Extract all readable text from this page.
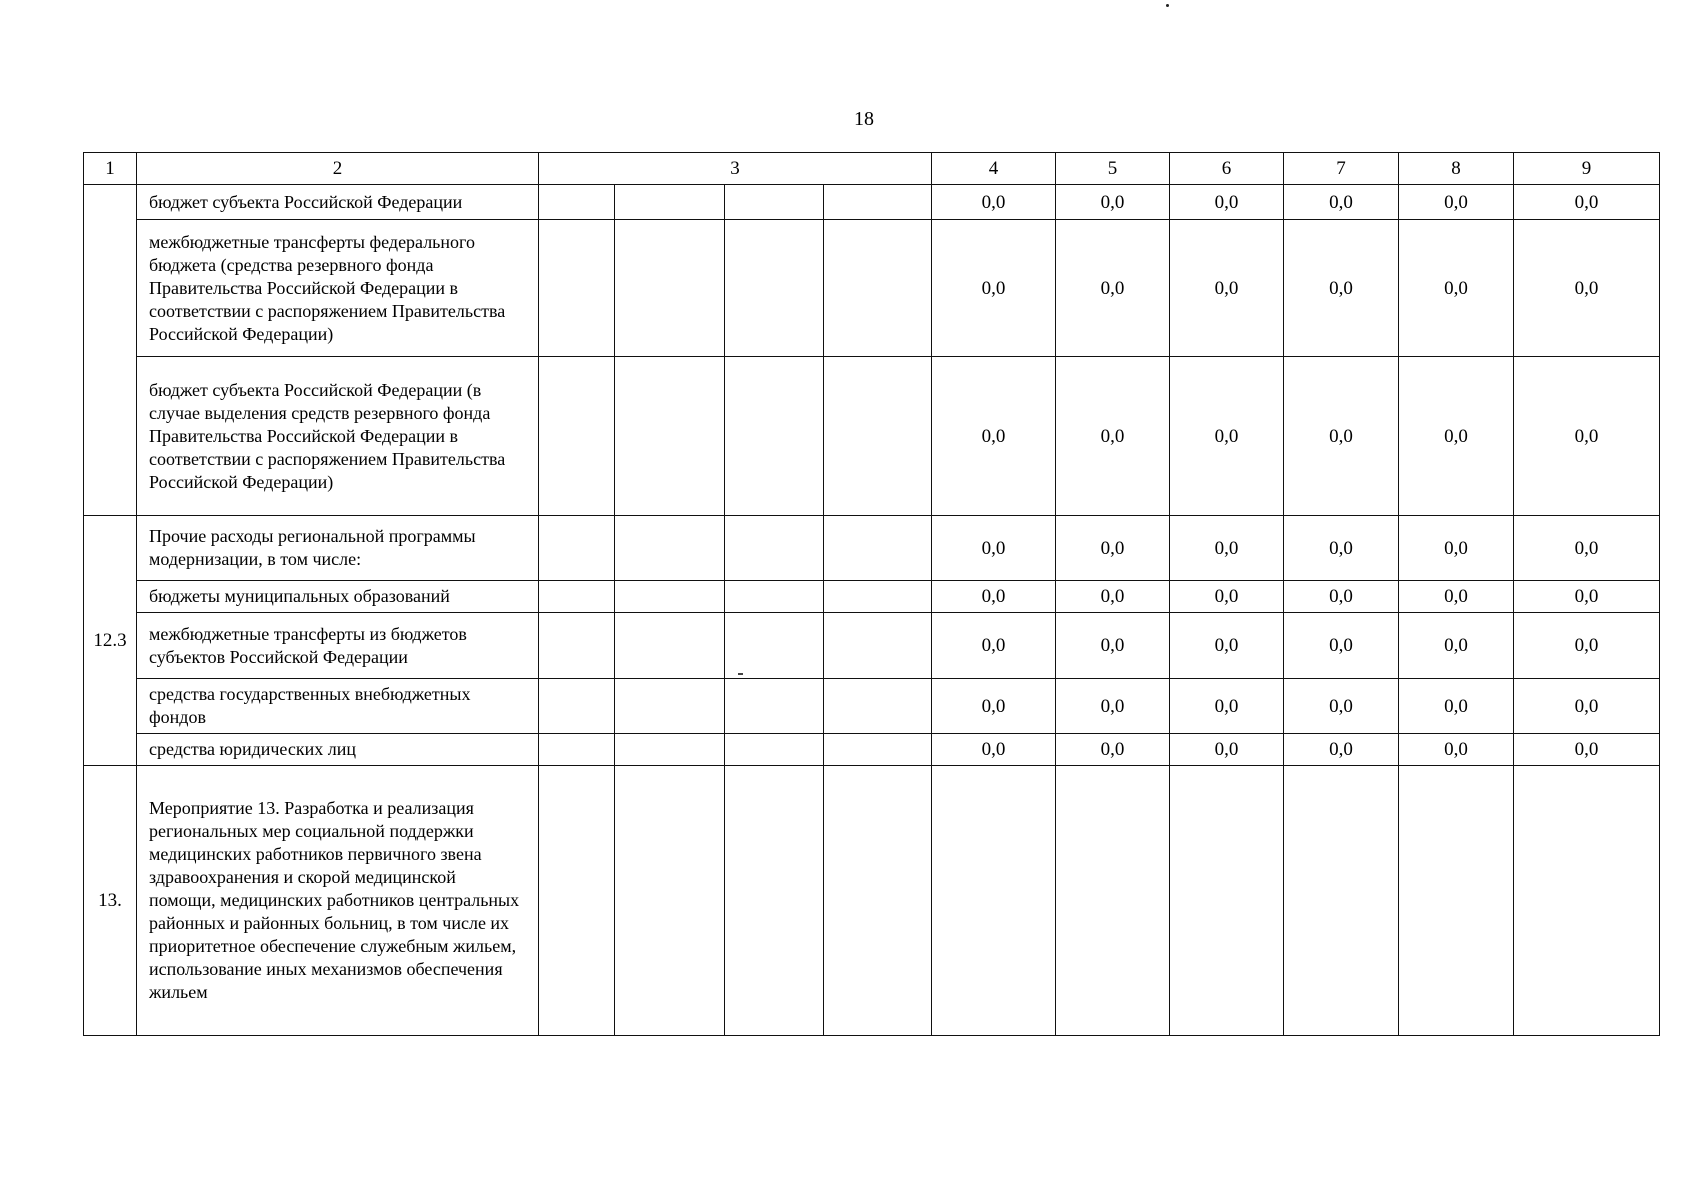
18
1	2	3				4	5	6	7	8	9
	бюджет субъекта Российской Федерации					0,0	0,0	0,0	0,0	0,0	0,0
	межбюджетные трансферты федерального бюджета (средства резервного фонда Правительства Российской Федерации в соответствии с распоряжением Правительства Российской Федерации)					0,0	0,0	0,0	0,0	0,0	0,0
	бюджет субъекта Российской Федерации (в случае выделения средств резервного фонда Правительства Российской Федерации в соответствии с распоряжением Правительства Российской Федерации)					0,0	0,0	0,0	0,0	0,0	0,0
12.3	Прочие расходы региональной программы модернизации, в том числе:					0,0	0,0	0,0	0,0	0,0	0,0
	бюджеты муниципальных образований					0,0	0,0	0,0	0,0	0,0	0,0
	межбюджетные трансферты из бюджетов субъектов Российской Федерации					0,0	0,0	0,0	0,0	0,0	0,0
	средства государственных внебюджетных фондов					0,0	0,0	0,0	0,0	0,0	0,0
	средства юридических лиц					0,0	0,0	0,0	0,0	0,0	0,0
13.	Мероприятие 13. Разработка и реализация региональных мер социальной поддержки медицинских работников первичного звена здравоохранения и скорой медицинской помощи, медицинских работников центральных районных и районных больниц, в том числе их приоритетное обеспечение служебным жильем, использование иных механизмов обеспечения жильем										
